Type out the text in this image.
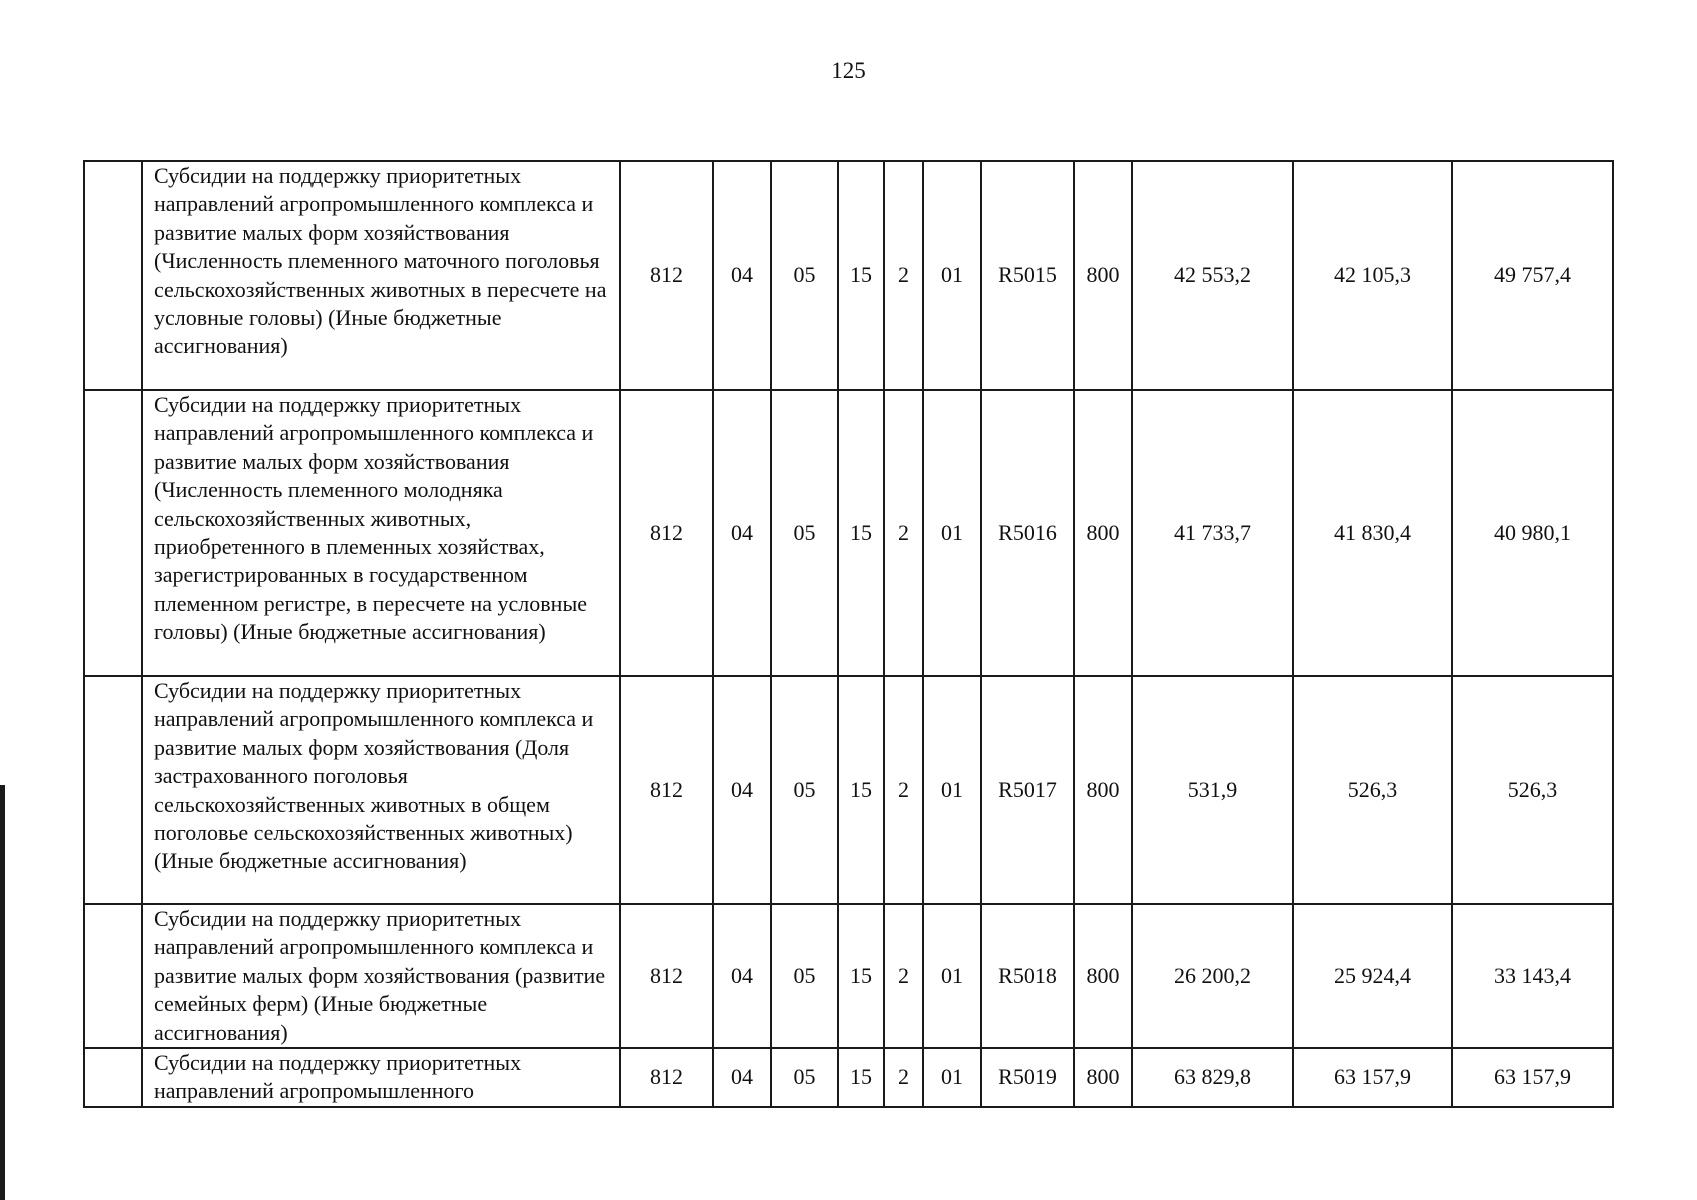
125
	Субсидии на поддержку приоритетных направлений агропромышленного комплекса и развитие малых форм хозяйствования (Численность племенного маточного поголовья сельскохозяйственных животных в пересчете на условные головы) (Иные бюджетные ассигнования)	812	04	05	15	2	01	R5015	800	42 553,2	42 105,3	49 757,4
	Субсидии на поддержку приоритетных направлений агропромышленного комплекса и развитие малых форм хозяйствования (Численность племенного молодняка сельскохозяйственных животных, приобретенного в племенных хозяйствах, зарегистрированных в государственном племенном регистре, в пересчете на условные головы) (Иные бюджетные ассигнования)	812	04	05	15	2	01	R5016	800	41 733,7	41 830,4	40 980,1
	Субсидии на поддержку приоритетных направлений агропромышленного комплекса и развитие малых форм хозяйствования (Доля застрахованного поголовья сельскохозяйственных животных в общем поголовье сельскохозяйственных животных) (Иные бюджетные ассигнования)	812	04	05	15	2	01	R5017	800	531,9	526,3	526,3
	Субсидии на поддержку приоритетных направлений агропромышленного комплекса и развитие малых форм хозяйствования (развитие семейных ферм) (Иные бюджетные ассигнования)	812	04	05	15	2	01	R5018	800	26 200,2	25 924,4	33 143,4
	Субсидии на поддержку приоритетных направлений агропромышленного	812	04	05	15	2	01	R5019	800	63 829,8	63 157,9	63 157,9
